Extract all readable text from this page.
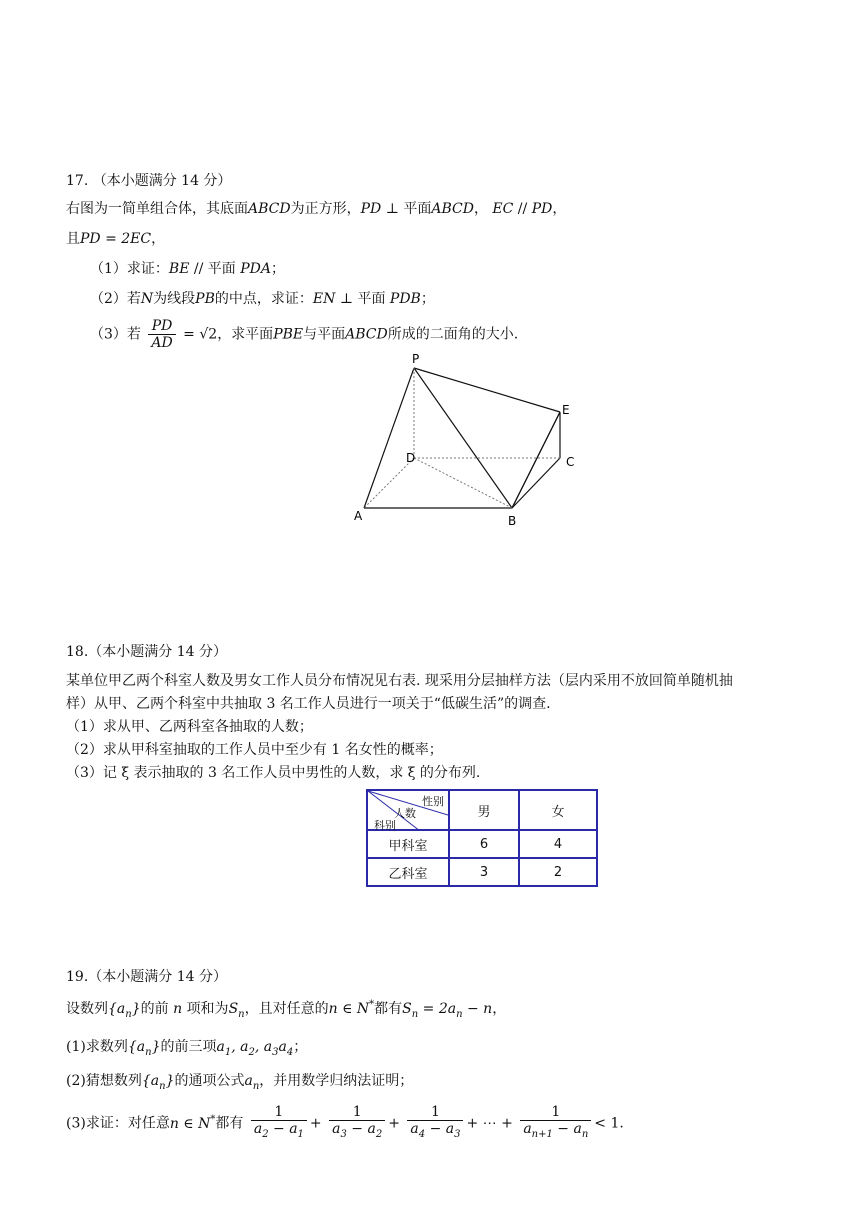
17. （本小题满分 14 分）
右图为一简单组合体，其底面ABCD为正方形，PD ⊥ 平面ABCD， EC // PD，
且PD = 2EC，
（1）求证：BE // 平面 PDA；
（2）若N为线段PB的中点，求证：EN ⊥ 平面 PDB；
（3）若 $\frac{PD}{AD} = √2$，求平面PBE与平面ABCD所成的二面角的大小.
P
E
D	C
A	B
18.（本小题满分 14 分）
某单位甲乙两个科室人数及男女工作人员分布情况见右表. 现采用分层抽样方法（层内采用不放回简单随机抽
样）从甲、乙两个科室中共抽取 3 名工作人员进行一项关于“低碳生活”的调查.
（1）求从甲、乙两科室各抽取的人数；
（2）求从甲科室抽取的工作人员中至少有 1 名女性的概率；
（3）记 ξ 表示抽取的 3 名工作人员中男性的人数，求 ξ 的分布列.
性别
人数
科别	男	女
甲科室	6	4
乙科室	3	2
19.（本小题满分 14 分）
设数列$\{a_n\}$的前 n 项和为$S_n$，且对任意的n ∈ N*都有$S_n = 2a_n - n$，
(1)求数列$\{a_n\}$的前三项$a_1$, $a_2$, $a_3a_4$；
(2)猜想数列$\{a_n\}$的通项公式$a_n$，并用数学归纳法证明；
(3)求证：对任意n ∈ N*都有 $\frac{1}{a_2 - a_1} + \frac{1}{a_3 - a_2} + \frac{1}{a_4 - a_3}$ + ⋯ + $\frac{1}{a_{n+1} - a_n} < 1$.
